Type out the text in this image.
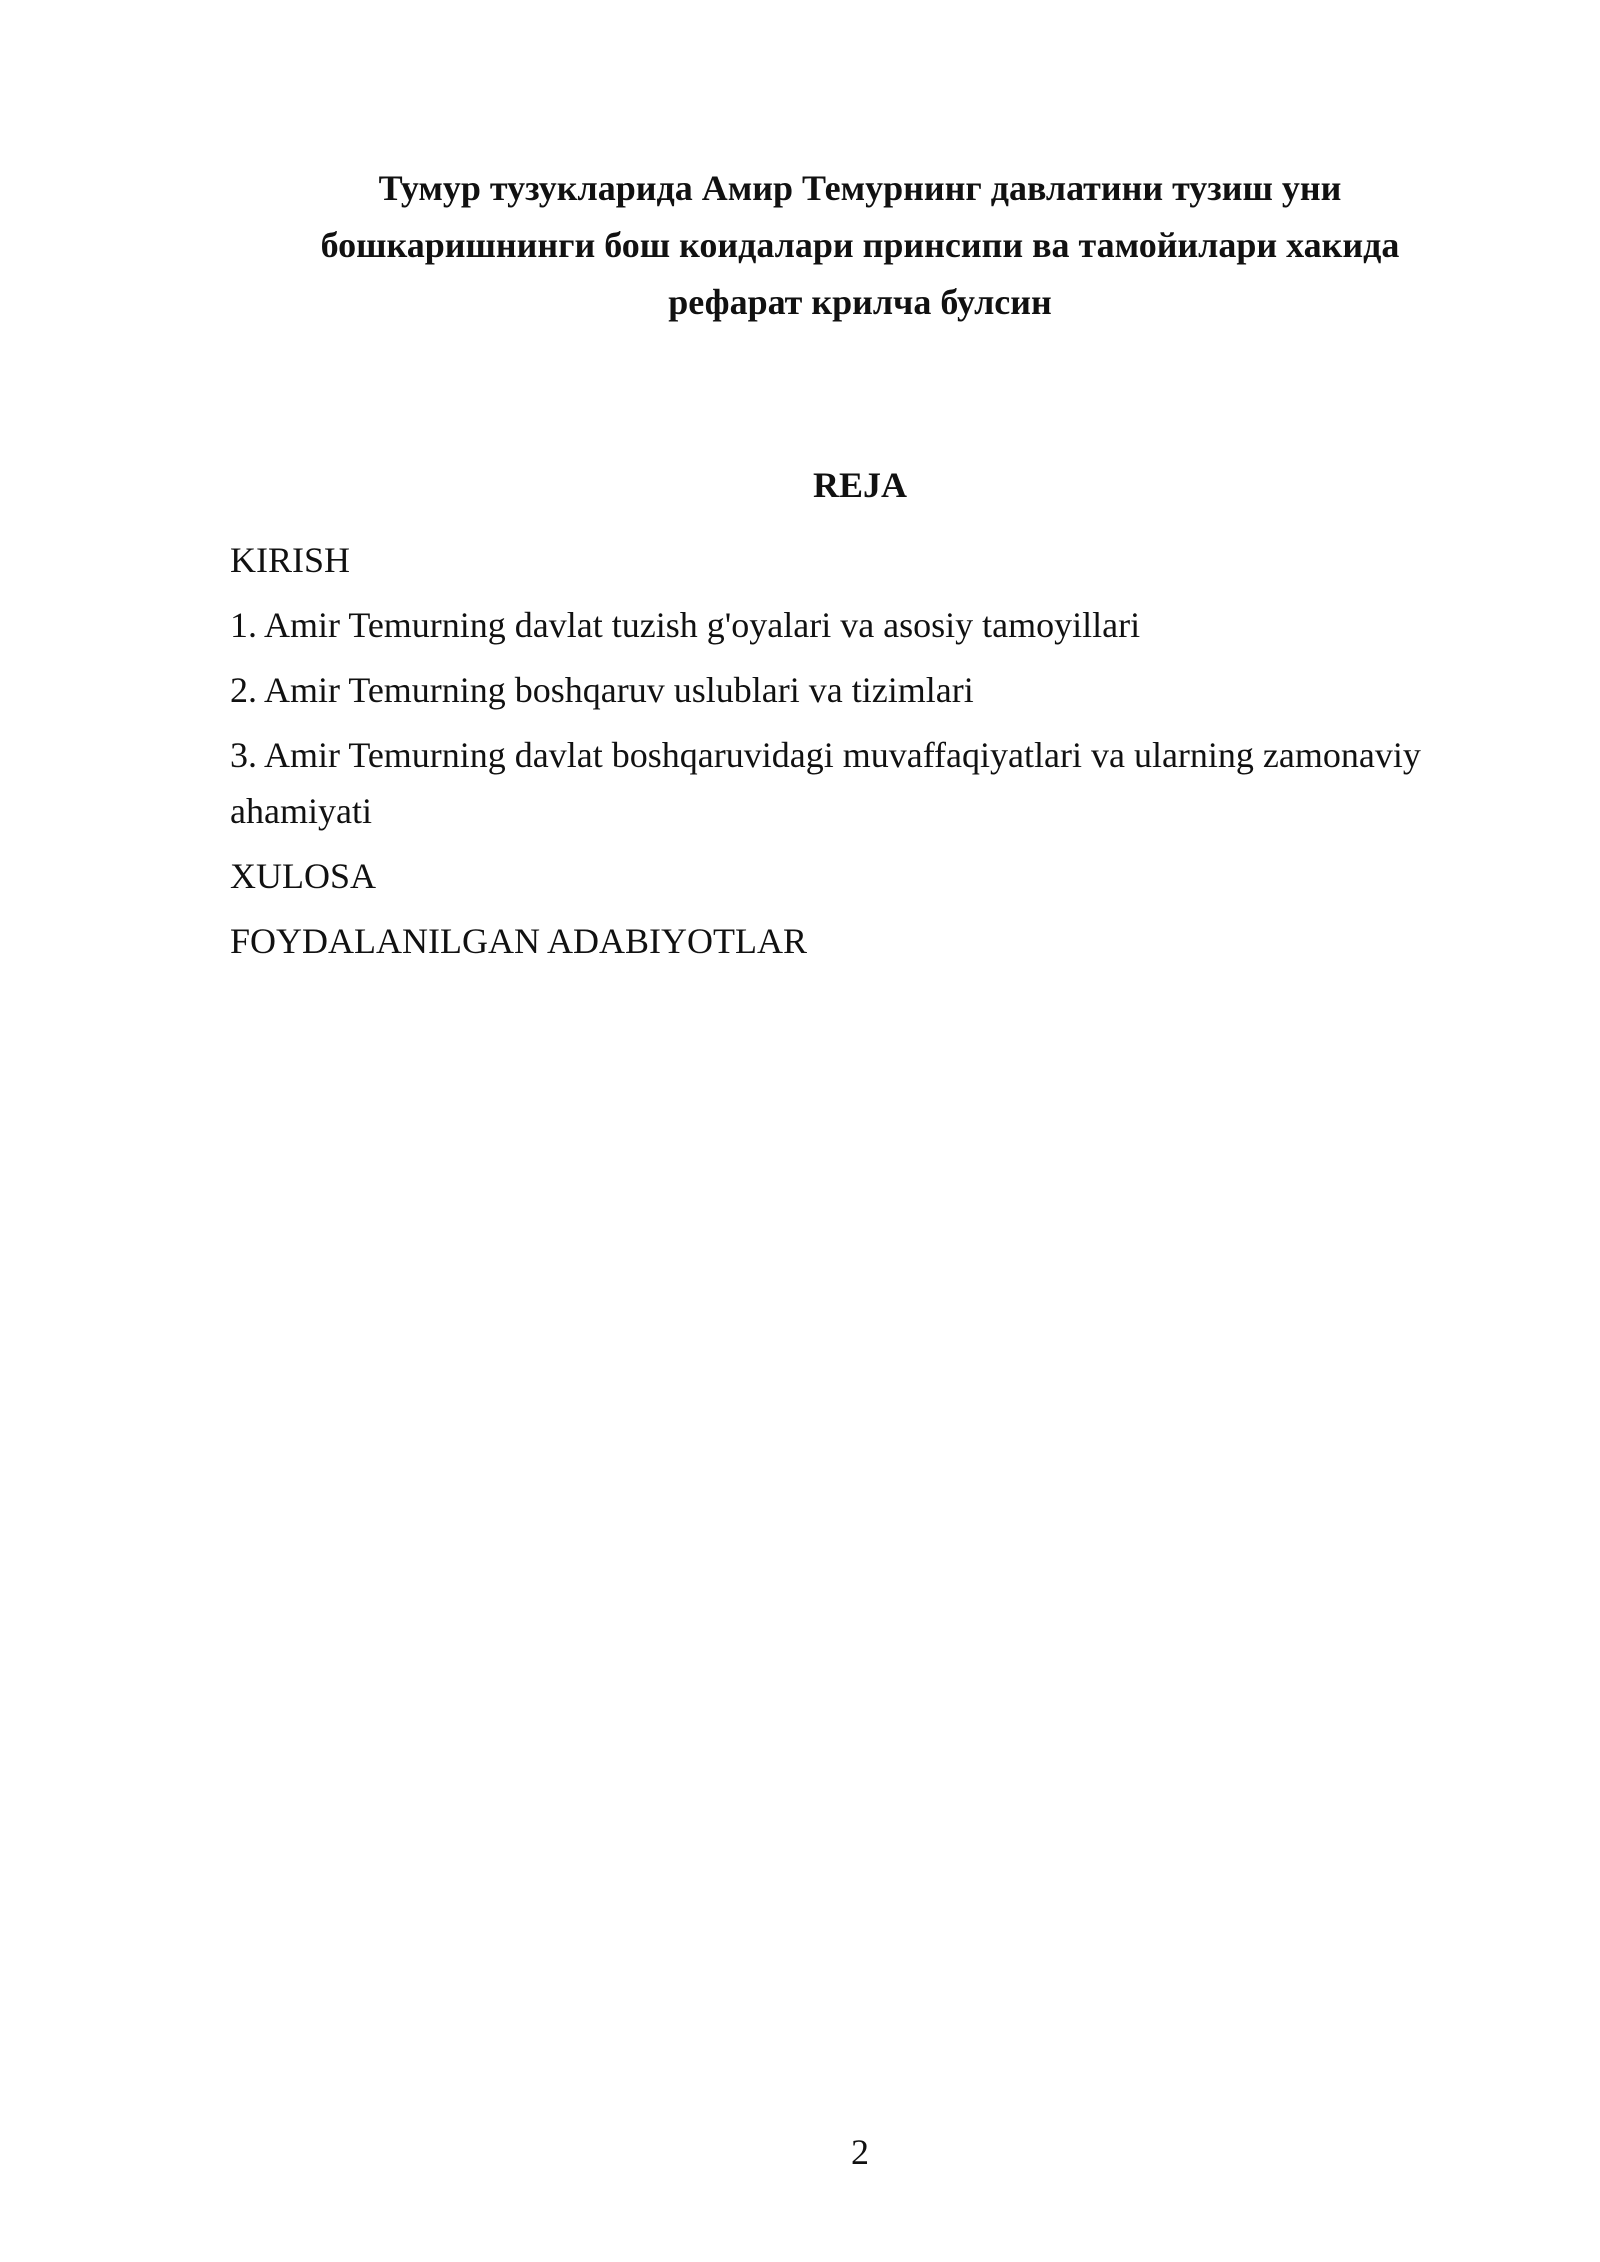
Тумур тузукларида Амир Темурнинг давлатини тузиш уни
бошкаришнинги бош коидалари принсипи ва тамойилари хакида
рефарат крилча булсин
REJA
KIRISH
1. Amir Temurning davlat tuzish g'oyalari va asosiy tamoyillari
2. Amir Temurning boshqaruv uslublari va tizimlari
3. Amir Temurning davlat boshqaruvidagi muvaffaqiyatlari va ularning zamonaviy ahamiyati
XULOSA
FOYDALANILGAN ADABIYOTLAR
2
